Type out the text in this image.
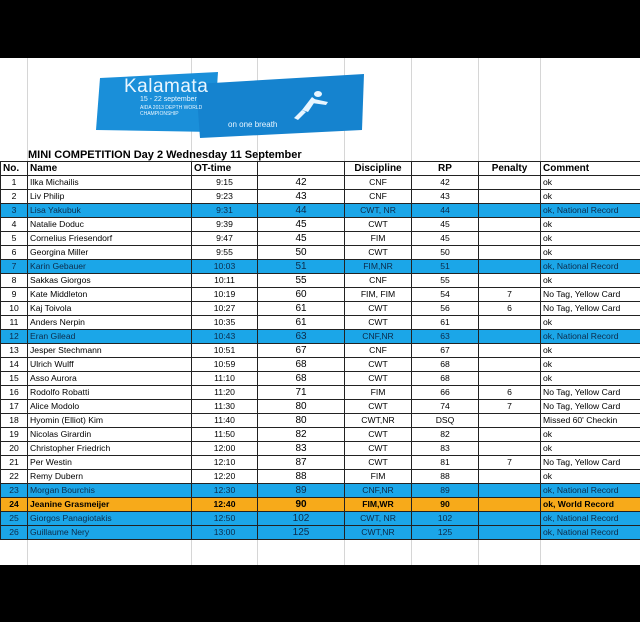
Kalamata
15 - 22 september
AIDA 2013 DEPTH WORLD CHAMPIONSHIP
on one breath
MINI COMPETITION Day 2 Wednesday 11 September
No.	Name	OT-time		Discipline	RP	Penalty	Comment
1	Ilka Michailis	9:15	42	CNF	42		ok
2	Liv Philip	9:23	43	CNF	43		ok
3	Lisa Yakubuk	9:31	44	CWT, NR	44		ok, National Record
4	Natalie Doduc	9:39	45	CWT	45		ok
5	Cornelius Friesendorf	9:47	45	FIM	45		ok
6	Georgina Miller	9:55	50	CWT	50		ok
7	Karin Gebauer	10:03	51	FIM,NR	51		ok, National Record
8	Sakkas Giorgos	10:11	55	CNF	55		ok
9	Kate Middleton	10:19	60	FIM, FIM	54	7	No Tag, Yellow Card
10	Kaj Toivola	10:27	61	CWT	56	6	No Tag, Yellow Card
11	Anders Nerpin	10:35	61	CWT	61		ok
12	Eran Gilead	10:43	63	CNF,NR	63		ok, National Record
13	Jesper Stechmann	10:51	67	CNF	67		ok
14	Ulrich Wulff	10:59	68	CWT	68		ok
15	Asso Aurora	11:10	68	CWT	68		ok
16	Rodolfo Robatti	11:20	71	FIM	66	6	No Tag, Yellow Card
17	Alice Modolo	11:30	80	CWT	74	7	No Tag, Yellow Card
18	Hyomin (Elliot) Kim	11:40	80	CWT,NR	DSQ		Missed 60' Checkin
19	Nicolas Girardin	11:50	82	CWT	82		ok
20	Christopher Friedrich	12:00	83	CWT	83		ok
21	Per Westin	12:10	87	CWT	81	7	No Tag, Yellow Card
22	Remy Dubern	12:20	88	FIM	88		ok
23	Morgan Bourchis	12:30	89	CNF,NR	89		ok, National Record
24	Jeanine Grasmeijer	12:40	90	FIM,WR	90		ok, World Record
25	Giorgos Panagiotakis	12:50	102	CWT, NR	102		ok, National Record
26	Guillaume Nery	13:00	125	CWT,NR	125		ok, National Record
